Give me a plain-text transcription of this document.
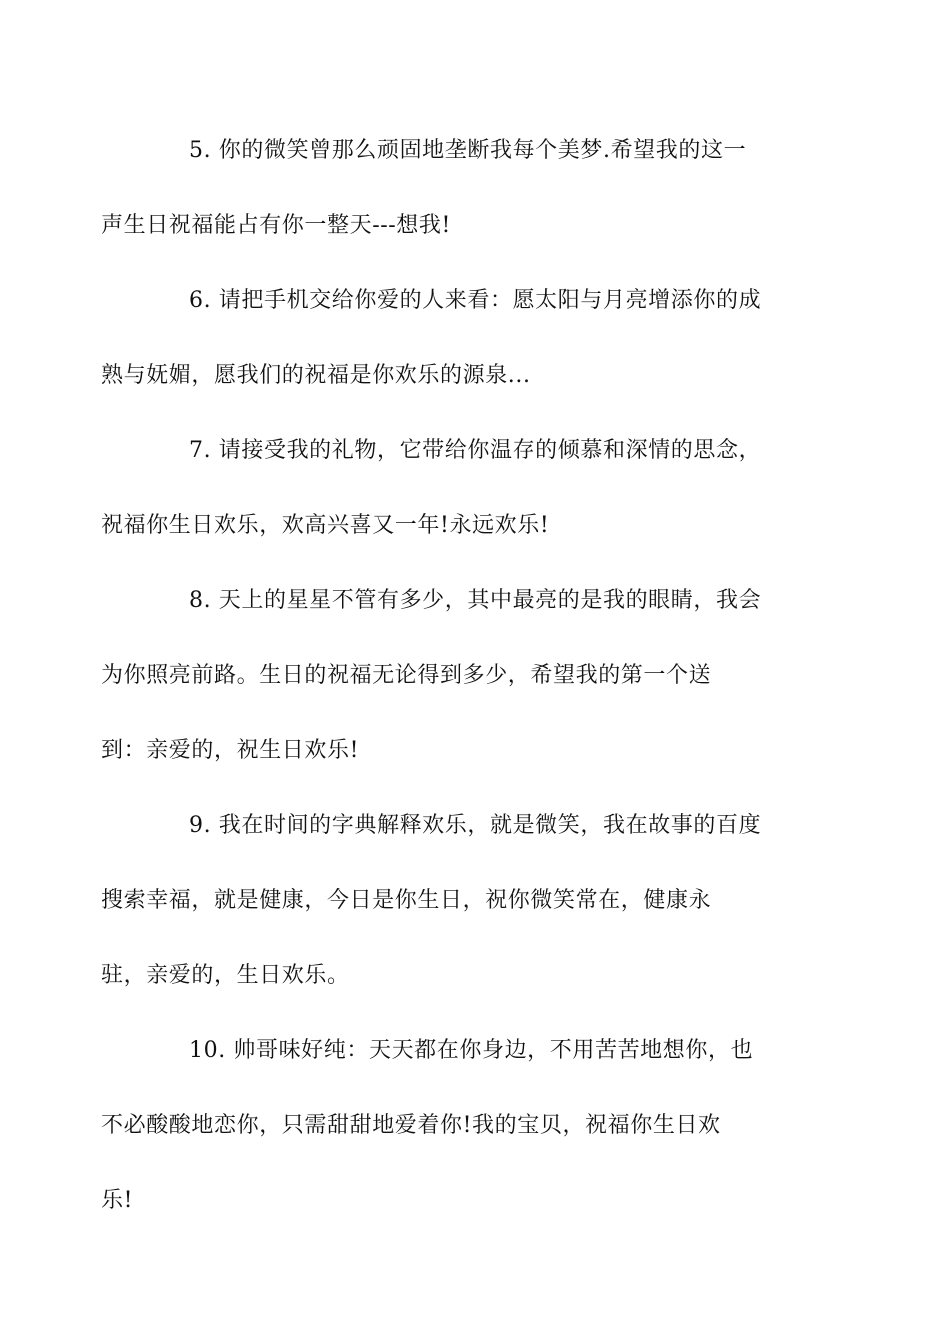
5. 你的微笑曾那么顽固地垄断我每个美梦.希望我的这一
声生日祝福能占有你一整天---想我!

6. 请把手机交给你爱的人来看：愿太阳与月亮增添你的成
熟与妩媚，愿我们的祝福是你欢乐的源泉...

7. 请接受我的礼物，它带给你温存的倾慕和深情的思念，
祝福你生日欢乐，欢高兴喜又一年!永远欢乐!

8. 天上的星星不管有多少，其中最亮的是我的眼睛，我会
为你照亮前路。生日的祝福无论得到多少，希望我的第一个送
到：亲爱的，祝生日欢乐!

9. 我在时间的字典解释欢乐，就是微笑，我在故事的百度
搜索幸福，就是健康，今日是你生日，祝你微笑常在，健康永
驻，亲爱的，生日欢乐。

10. 帅哥味好纯：天天都在你身边，不用苦苦地想你，也
不必酸酸地恋你，只需甜甜地爱着你!我的宝贝，祝福你生日欢
乐!
